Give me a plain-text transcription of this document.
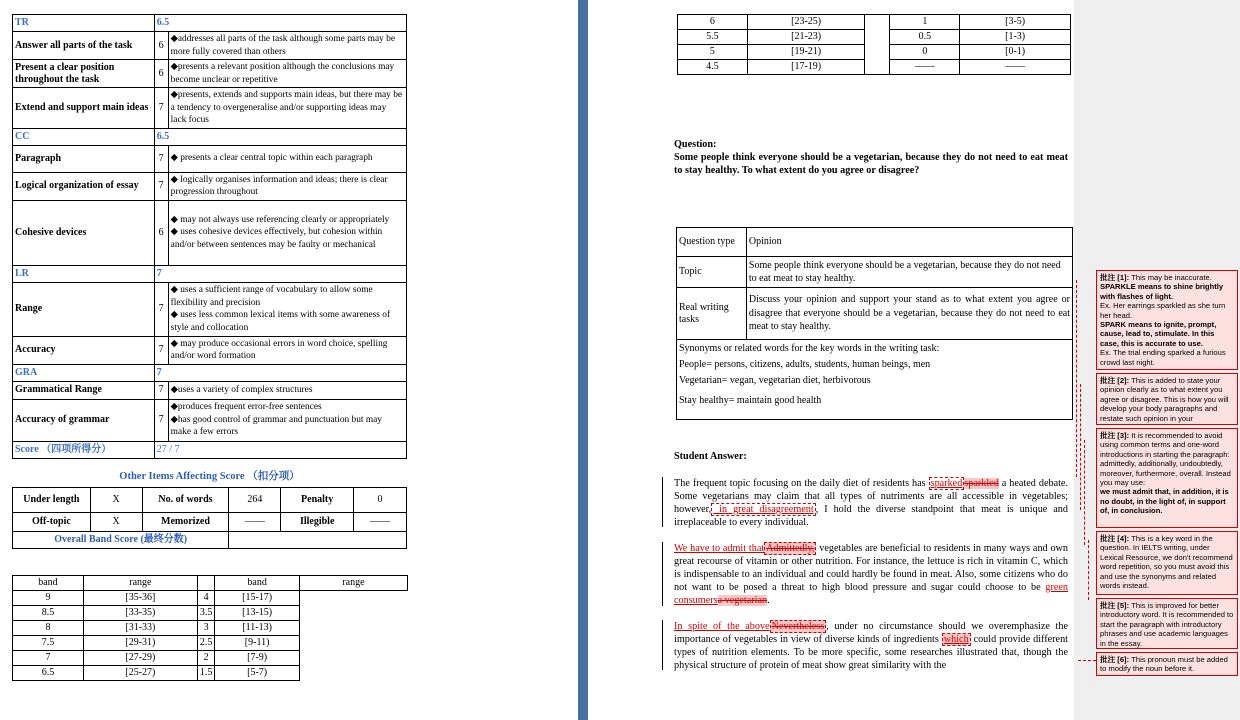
TR	6.5	
Answer all parts of the task	6	◆addresses all parts of the task although some parts may be more fully covered than others
Present a clear position throughout the task	6	◆presents a relevant position although the conclusions may become unclear or repetitive
Extend and support main ideas	7	◆presents, extends and supports main ideas, but there may be a tendency to overgeneralise and/or supporting ideas may lack focus
CC	6.5	
Paragraph	7	◆ presents a clear central topic within each paragraph
Logical organization of essay	7	◆ logically organises information and ideas; there is clear progression throughout
Cohesive devices	6	◆ may not always use referencing clearly or appropriately
◆ uses cohesive devices effectively, but cohesion within and/or between sentences may be faulty or mechanical

LR	7	
Range	7	◆ uses a sufficient range of vocabulary to allow some flexibility and precision
◆ uses less common lexical items with some awareness of style and collocation

Accuracy	7	◆ may produce occasional errors in word choice, spelling and/or word formation
GRA	7	
Grammatical Range	7	◆uses a variety of complex structures
Accuracy of grammar	7	◆produces frequent error-free sentences
◆has good control of grammar and punctuation but may make a few errors

Score （四项所得分）	27 / 7	
Other Items Affecting Score （扣分项）
Under length	X	No. of words	264	Penalty	0
Off-topic	X	Memorized	——	Illegible	——
Overall Band Score (最终分数)					
band	range		band	range
9	[35-36]	4	[15-17)	
8.5	[33-35)	3.5	[13-15)	
8	[31-33)	3	[11-13)	
7.5	[29-31)	2.5	[9-11)	
7	[27-29)	2	[7-9)	
6.5	[25-27)	1.5	[5-7)	
6	[23-25)		1	[3-5)
5.5	[21-23)		0.5	[1-3)
5	[19-21)		0	[0-1)
4.5	[17-19)		——	——
Question:
Some people think everyone should be a vegetarian, because they do not need to eat meat to stay healthy. To what extent do you agree or disagree?
Question type	Opinion
Topic	Some people think everyone should be a vegetarian, because they do not need to eat meat to stay healthy.
Real writing tasks	Discuss your opinion and support your stand as to what extent you agree or disagree that everyone should be a vegetarian, because they do not need to eat meat to stay healthy.

Synonyms or related words for the key words in the writing task:
People= persons, citizens, adults, students, human beings, men
Vegetarian= vegan, vegetarian diet, herbivorous
Stay healthy= maintain good health	
Student Answer:
The frequent topic focusing on the daily diet of residents has sparked sparkled a heated debate. Some vegetarians may claim that all types of nutriments are all accessible in vegetables; however, in great disagreement , I hold the diverse standpoint that meat is unique and irreplaceable to every individual.
We have to admit that Admittedly, vegetables are beneficial to residents in many ways and own great recourse of vitamin or other nutrition. For instance, the lettuce is rich in vitamin C, which is indispensable to an individual and could hardly be found in meat. Also, some citizens who do not want to be posed a threat to high blood pressure and sugar could choose to be green consumersa vegetarian.
In spite of the above Nevertheless , under no circumstance should we overemphasize the importance of vegetables in view of diverse kinds of ingredients which could provide different types of nutrition elements. To be more specific, some researches illustrated that, though the physical structure of protein of meat show great similarity with the
批注 [1]: This may be inaccurate.
SPARKLE means to shine brightly with flashes of light.
Ex. Her earrings sparkled as she turn her head.
SPARK means to ignite, prompt, cause, lead to, stimulate. In this case, this is accurate to use.
Ex. The trial ending sparked a furious crowd last night.
批注 [2]: This is added to state your opinion clearly as to what extent you agree or disagree. This is how you will develop your body paragraphs and restate such opinion in your
批注 [3]: It is recommended to avoid using common terms and one-word introductions in starting the paragraph:
admittedly, additionally, undoubtedly, moreover, furthermore, overall. Instead you may use:
we must admit that, in addition, it is no doubt, in the light of, in support of, in conclusion.
批注 [4]: This is a key word in the question. In IELTS writing, under Lexical Resource, we don't recommend word repetition, so you must avoid this and use the synonyms and related words instead.
批注 [5]: This is improved for better introductory word. It is recommended to start the paragraph with introductory phrases and use academic languages in the essay.
批注 [6]: This pronoun must be added to modify the noun before it.
